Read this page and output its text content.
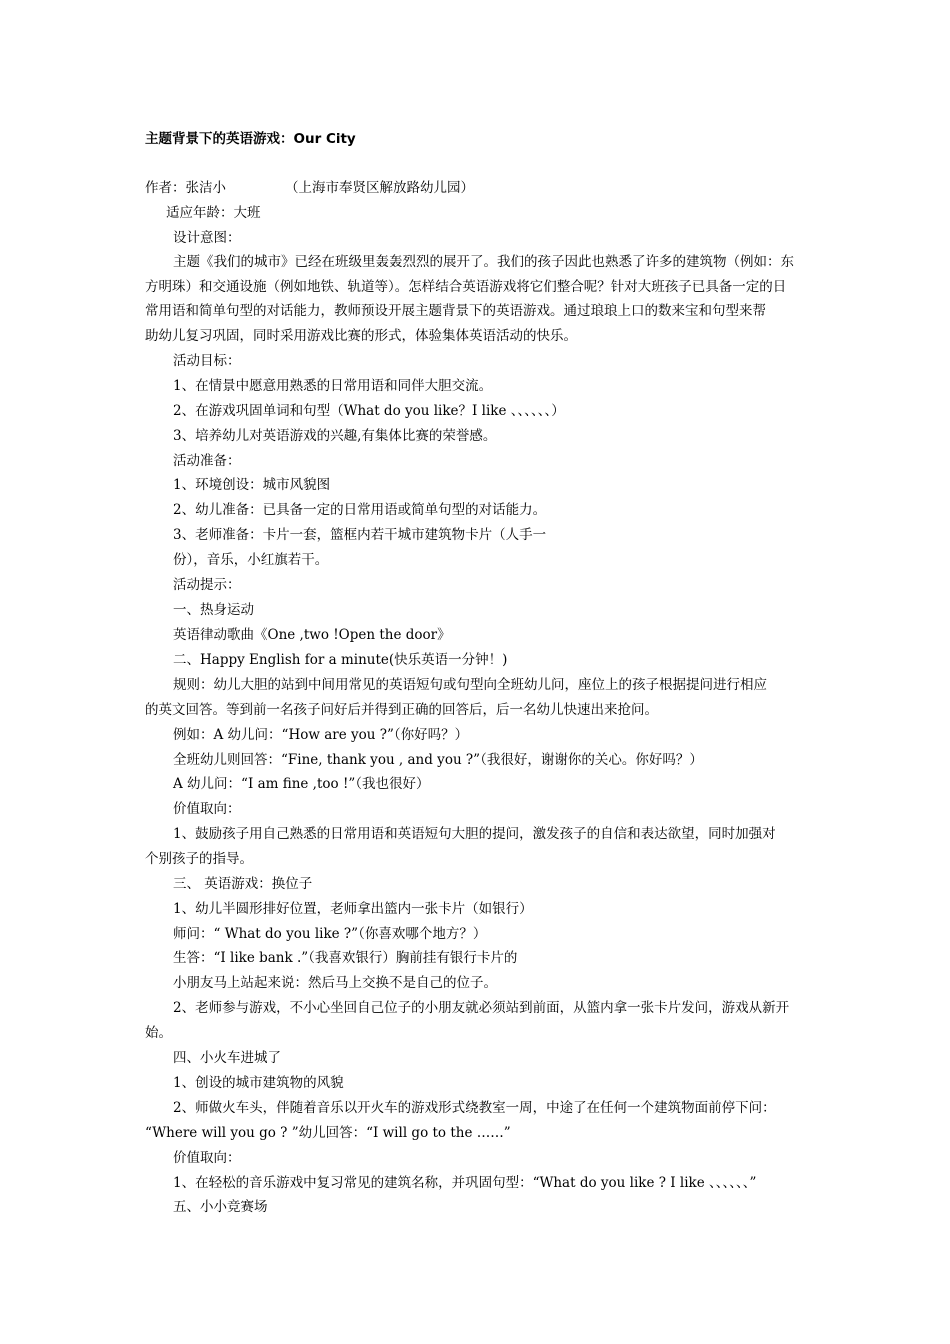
主题背景下的英语游戏：Our City
作者：张洁小	（上海市奉贤区解放路幼儿园）
适应年龄：大班
设计意图：
主题《我们的城市》已经在班级里轰轰烈烈的展开了。我们的孩子因此也熟悉了许多的建筑物（例如：东
方明珠）和交通设施（例如地铁、轨道等）。怎样结合英语游戏将它们整合呢？针对大班孩子已具备一定的日
常用语和简单句型的对话能力，教师预设开展主题背景下的英语游戏。通过琅琅上口的数来宝和句型来帮
助幼儿复习巩固，同时采用游戏比赛的形式，体验集体英语活动的快乐。
活动目标：
1、在情景中愿意用熟悉的日常用语和同伴大胆交流。
2、在游戏巩固单词和句型（What do you like？I like 、、、、、、）
3、培养幼儿对英语游戏的兴趣,有集体比赛的荣誉感。
活动准备：
1、环境创设：城市风貌图
2、幼儿准备：已具备一定的日常用语或简单句型的对话能力。
3、老师准备：卡片一套，篮框内若干城市建筑物卡片（人手一
份），音乐，小红旗若干。
活动提示：
一、热身运动
英语律动歌曲《One ,two !Open the door》
二、Happy English for a minute(快乐英语一分钟！)
规则：幼儿大胆的站到中间用常见的英语短句或句型向全班幼儿问，座位上的孩子根据提问进行相应
的英文回答。等到前一名孩子问好后并得到正确的回答后，后一名幼儿快速出来抢问。
例如：A 幼儿问：“How are you ?”（你好吗？）
全班幼儿则回答：“Fine, thank you , and you ?”（我很好，谢谢你的关心。你好吗？）
A 幼儿问：“I am fine ,too !”（我也很好）
价值取向：
1、鼓励孩子用自己熟悉的日常用语和英语短句大胆的提问，激发孩子的自信和表达欲望，同时加强对
个别孩子的指导。
三、 英语游戏：换位子
1、幼儿半圆形排好位置，老师拿出篮内一张卡片（如银行）
师问：“ What do you like ?”（你喜欢哪个地方？）
生答：“I like bank .”（我喜欢银行）胸前挂有银行卡片的
小朋友马上站起来说：然后马上交换不是自己的位子。
2、老师参与游戏，不小心坐回自己位子的小朋友就必须站到前面，从篮内拿一张卡片发问，游戏从新开
始。
四、小火车进城了
1、创设的城市建筑物的风貌
2、师做火车头，伴随着音乐以开火车的游戏形式绕教室一周，中途了在任何一个建筑物面前停下问：
“Where will you go ? ”幼儿回答：“I will go to the ……”
价值取向：
1、在轻松的音乐游戏中复习常见的建筑名称，并巩固句型：“What do you like ? I like 、、、、、、”
五、小小竞赛场
